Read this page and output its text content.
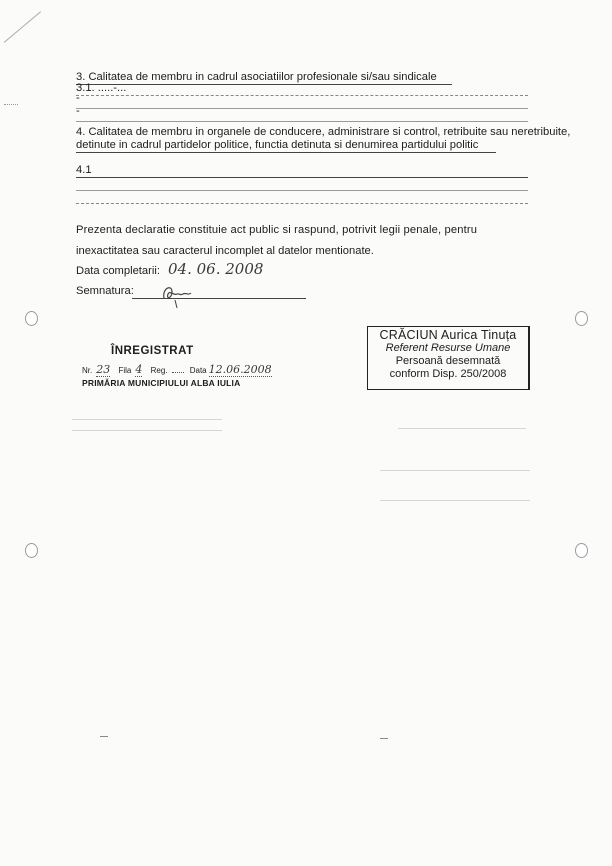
3. Calitatea de membru in cadrul asociatiilor profesionale si/sau sindicale
3.1. .....-...
-
-
4. Calitatea de membru in organele de conducere, administrare si control, retribuite sau neretribuite,
detinute in cadrul partidelor politice, functia detinuta si denumirea partidului politic
4.1
Prezenta declaratie constituie act public si raspund, potrivit legii penale, pentru
inexactitatea sau caracterul incomplet al datelor mentionate.
Data completarii: 04. 06. 2008
Semnatura:
ÎNREGISTRAT
Nr. 23 Fila 4 Reg.	Data 12.06.2008
PRIMĂRIA MUNICIPIULUI ALBA IULIA
CRĂCIUN Aurica Tinuța
Referent Resurse Umane
Persoană desemnată
conform Disp. 250/2008
